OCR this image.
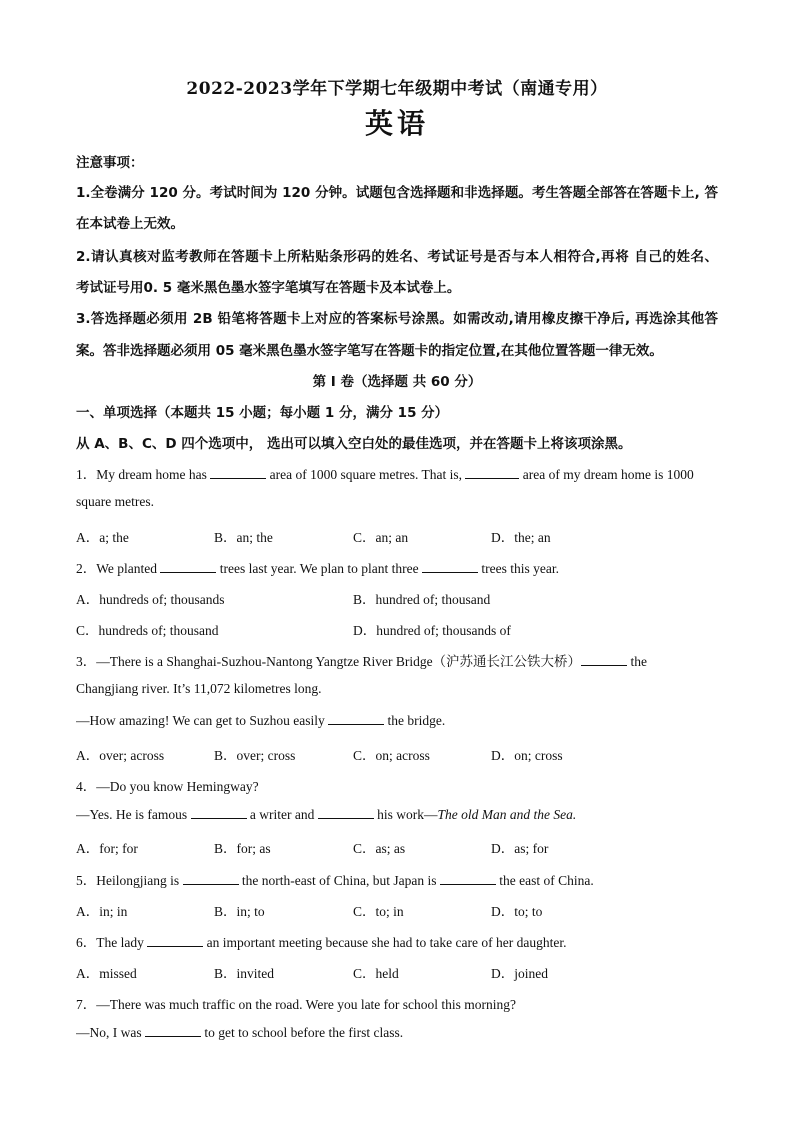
2022-2023学年下学期七年级期中考试（南通专用）
英语
注意事项：
1.全卷满分 120 分。考试时间为 120 分钟。试题包含选择题和非选择题。考生答题全部答在答题卡上, 答
在本试卷上无效。
2.请认真核对监考教师在答题卡上所粘贴条形码的姓名、考试证号是否与本人相符合,再将 自己的姓名、
考试证号用0. 5 毫米黑色墨水签字笔填写在答题卡及本试卷上。
3.答选择题必须用 2B 铅笔将答题卡上对应的答案标号涂黑。如需改动,请用橡皮擦干净后, 再选涂其他答
案。答非选择题必须用 05 毫米黑色墨水签字笔写在答题卡的指定位置,在其他位置答题一律无效。
第 I 卷（选择题 共 60 分）
一、单项选择（本题共 15 小题；每小题 1 分，满分 15 分）
从 A、B、C、D 四个选项中， 选出可以填入空白处的最佳选项，并在答题卡上将该项涂黑。
1．My dream home has	area of 1000 square metres. That is,	area of my dream home is 1000
square metres.
A．a; the	B．an; the	C．an; an	D．the; an
2．We planted	trees last year. We plan to plant three	trees this year.
A．hundreds of; thousands	B．hundred of; thousand
C．hundreds of; thousand	D．hundred of; thousands of
3．—There is a Shanghai-Suzhou-Nantong Yangtze River Bridge（沪苏通长江公铁大桥）	the
Changjiang river. It’s 11,072 kilometres long.
—How amazing! We can get to Suzhou easily	the bridge.
A．over; across	B．over; cross	C．on; across	D．on; cross
4．—Do you know Hemingway?
—Yes. He is famous	a writer and	his work—The old Man and the Sea.
A．for; for	B．for; as	C．as; as	D．as; for
5．Heilongjiang is	the north-east of China, but Japan is	the east of China.
A．in; in	B．in; to	C．to; in	D．to; to
6．The lady	an important meeting because she had to take care of her daughter.
A．missed	B．invited	C．held	D．joined
7．—There was much traffic on the road. Were you late for school this morning?
—No, I was	to get to school before the first class.
